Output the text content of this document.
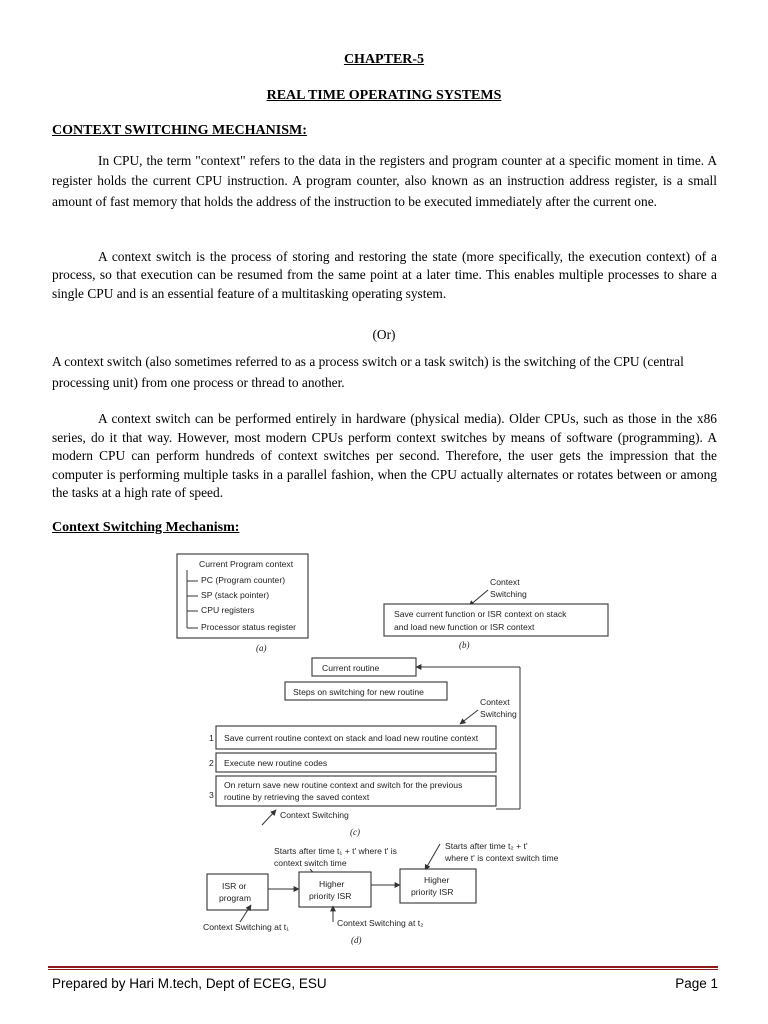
CHAPTER-5
REAL TIME OPERATING SYSTEMS
CONTEXT SWITCHING MECHANISM:
In CPU, the term "context" refers to the data in the registers and program counter at a specific moment in time. A register holds the current CPU instruction. A program counter, also known as an instruction address register, is a small amount of fast memory that holds the address of the instruction to be executed immediately after the current one.
A context switch is the process of storing and restoring the state (more specifically, the execution context) of a process, so that execution can be resumed from the same point at a later time. This enables multiple processes to share a single CPU and is an essential feature of a multitasking operating system.
(Or)
A context switch (also sometimes referred to as a process switch or a task switch) is the switching of the CPU (central processing unit) from one process or thread to another.
A context switch can be performed entirely in hardware (physical media). Older CPUs, such as those in the x86 series, do it that way. However, most modern CPUs perform context switches by means of software (programming). A modern CPU can perform hundreds of context switches per second. Therefore, the user gets the impression that the computer is performing multiple tasks in a parallel fashion, when the CPU actually alternates or rotates between or among the tasks at a high rate of speed.
Context Switching Mechanism:
Current Program context
PC (Program counter)
SP (stack pointer)
CPU registers
Processor status register
(a)
Context
Switching
Save current function or ISR context on stack
and load new function or ISR context
(b)
Current routine
Steps on switching for new routine
Context
Switching
1 Save current routine context on stack and load new routine context
2 Execute new routine codes
3
On return save new routine context and switch for the previous
routine by retrieving the saved context
Context Switching
(c)
Starts after time t₁ + t' where t' is
context switch time
Starts after time t₂ + t'
where t' is context switch time
ISR or
program
Higher
priority ISR
Higher
priority ISR
Context Switching at t₁	Context Switching at t₂
(d)
Prepared by Hari M.tech, Dept of ECEG, ESU	Page 1
